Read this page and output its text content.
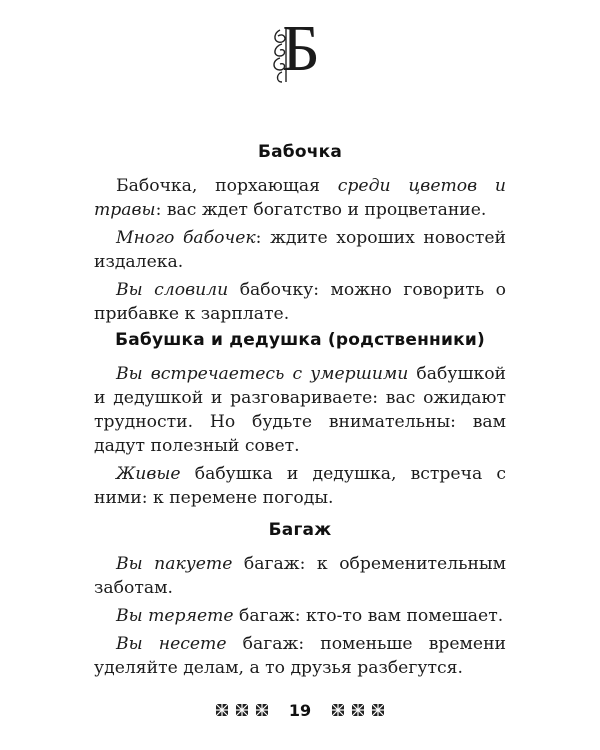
Б
Бабочка

Бабочка, порхающая среди цветов и травы: вас ждет богатство и процветание.

Много бабочек: ждите хороших новостей издалека.

Вы словили бабочку: можно говорить о прибавке к зарплате.

Бабушка и дедушка (родственники)

Вы встречаетесь с умершими бабушкой и дедушкой и разговариваете: вас ожидают трудности. Но будьте внимательны: вам дадут полезный совет.

Живые бабушка и дедушка, встреча с ними: к перемене погоды.

Багаж

Вы пакуете багаж: к обременительным заботам.

Вы теряете багаж: кто-то вам помешает.

Вы несете багаж: поменьше времени уделяйте делам, а то друзья разбегутся.

19
